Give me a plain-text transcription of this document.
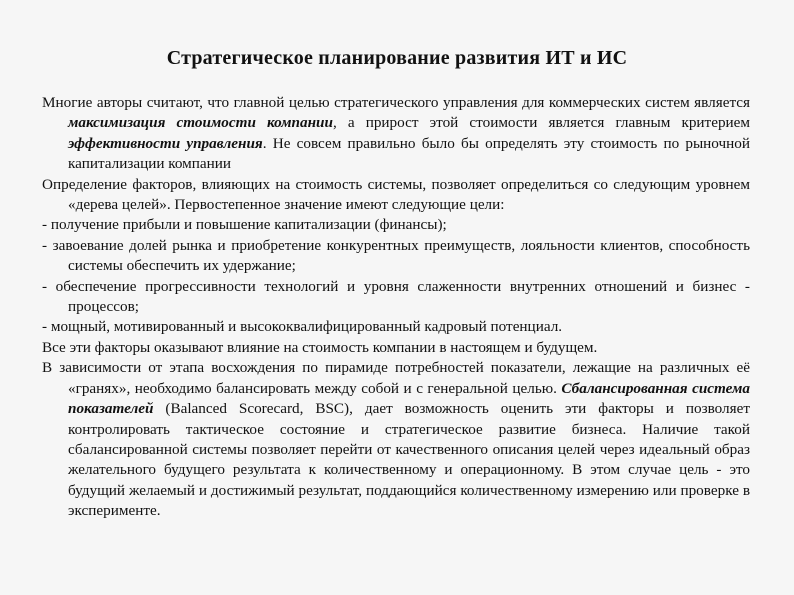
Стратегическое планирование развития ИТ и ИС

Многие авторы считают, что главной целью стратегического управления для коммерческих систем является максимизация стоимости компании, а прирост этой стоимости является главным критерием эффективности управления. Не совсем правильно было бы определять эту стоимость по рыночной капитализации компании

Определение факторов, влияющих на стоимость системы, позволяет определиться со следующим уровнем «дерева целей». Первостепенное значение имеют следующие цели:

- получение прибыли и повышение капитализации (финансы);

- завоевание долей рынка и приобретение конкурентных преимуществ, лояльности клиентов, способность системы обеспечить их удержание;

- обеспечение прогрессивности технологий и уровня слаженности внутренних отношений и бизнес - процессов;

- мощный, мотивированный и высококвалифицированный кадровый потенциал.

Все эти факторы оказывают влияние на стоимость компании в настоящем и будущем.

В зависимости от этапа восхождения по пирамиде потребностей показатели, лежащие на различных её «гранях», необходимо балансировать между собой и с генеральной целью. Сбалансированная система показателей (Balanced Scorecard, BSC), дает возможность оценить эти факторы и позволяет контролировать тактическое состояние и стратегическое развитие бизнеса. Наличие такой сбалансированной системы позволяет перейти от качественного описания целей через идеальный образ желательного будущего результата к количественному и операционному. В этом случае цель - это будущий желаемый и достижимый результат, поддающийся количественному измерению или проверке в эксперименте.
